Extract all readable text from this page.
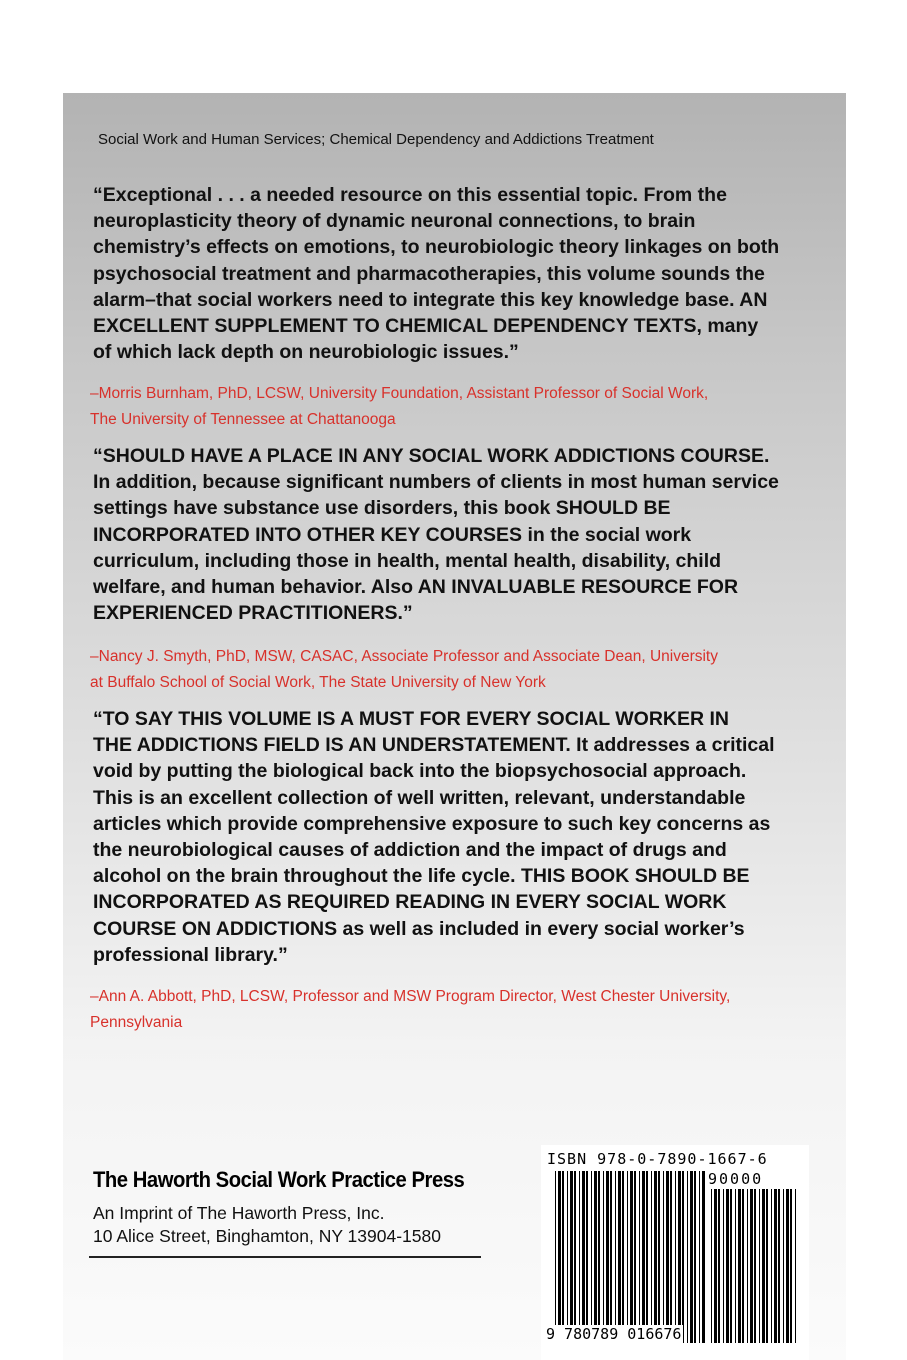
Social Work and Human Services; Chemical Dependency and Addictions Treatment
“Exceptional . . . a needed resource on this essential topic. From the
neuroplasticity theory of dynamic neuronal connections, to brain
chemistry’s effects on emotions, to neurobiologic theory linkages on both
psychosocial treatment and pharmacotherapies, this volume sounds the
alarm–that social workers need to integrate this key knowledge base. AN
EXCELLENT SUPPLEMENT TO CHEMICAL DEPENDENCY TEXTS, many
of which lack depth on neurobiologic issues.”
–Morris Burnham, PhD, LCSW, University Foundation, Assistant Professor of Social Work,
The University of Tennessee at Chattanooga
“SHOULD HAVE A PLACE IN ANY SOCIAL WORK ADDICTIONS COURSE.
In addition, because significant numbers of clients in most human service
settings have substance use disorders, this book SHOULD BE
INCORPORATED INTO OTHER KEY COURSES in the social work
curriculum, including those in health, mental health, disability, child
welfare, and human behavior. Also AN INVALUABLE RESOURCE FOR
EXPERIENCED PRACTITIONERS.”
–Nancy J. Smyth, PhD, MSW, CASAC, Associate Professor and Associate Dean, University
at Buffalo School of Social Work, The State University of New York
“TO SAY THIS VOLUME IS A MUST FOR EVERY SOCIAL WORKER IN
THE ADDICTIONS FIELD IS AN UNDERSTATEMENT. It addresses a critical
void by putting the biological back into the biopsychosocial approach.
This is an excellent collection of well written, relevant, understandable
articles which provide comprehensive exposure to such key concerns as
the neurobiological causes of addiction and the impact of drugs and
alcohol on the brain throughout the life cycle. THIS BOOK SHOULD BE
INCORPORATED AS REQUIRED READING IN EVERY SOCIAL WORK
COURSE ON ADDICTIONS as well as included in every social worker’s
professional library.”
–Ann A. Abbott, PhD, LCSW, Professor and MSW Program Director, West Chester University,
Pennsylvania
The Haworth Social Work Practice Press
An Imprint of The Haworth Press, Inc.
10 Alice Street, Binghamton, NY 13904-1580
ISBN 978-0-7890-1667-6
90000
9 780789 016676
